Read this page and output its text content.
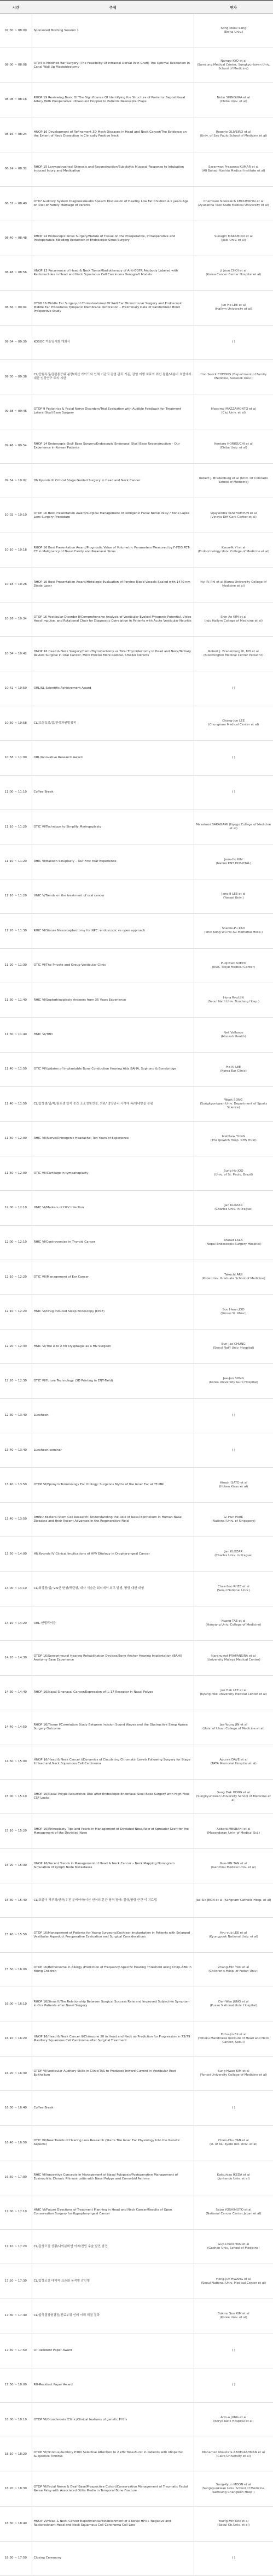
시간	주제	연자
07:30 ~ 08:00	Sponsored Morning Session 1	Song Mook Sang
(Ewha Univ.)
08:00 ~ 08:08	OT04 Is Modified Bar Surgery (The Feasibility Of Intraoral Dorsal Vein Graft) The Optimal Resolution In Canal Wall Up Mastoidectomy	Nampo KYO et al
(Samsung Medical Center, Sungkyunkwan Univ. School of Medicine)
08:08 ~ 08:16	RHOP 19 Reviewing Basic Of The Significance Of Identifying the Structure of Posterior Septal Nasal Artery With Preoperative Ultrasound Doppler to Patients Nasoseptal Flaps	Nobu SHINOURA et al
(Chiba Univ. et al)
08:16 ~ 08:24	HNOP 16 Development of Refinement 3D Mesh Diseases in Head and Neck Cancer/The Evidence on the Extent of Neck Dissection in Clinically Positive Neck	Rogerio OLIVEIRO et al
(Univ. of Sao Paulo School of Medicine et al)
08:24 ~ 08:32	RHOP 15 Laryngotracheal Stenosis and Reconstruction/Subglottic Mucosal Response to Intubation Induced Injury and Medication	Saranwan Prasanna KUMAR et al
(All Bahadi Kashta Madical Institute et al)
08:32 ~ 08:40	OT07 Auditory System Diagnosis/Audio Speech Discussion of Healthy Low Fat Children 4-1 years Age on Diet of Family Marriage of Parents	Chemkarn Nooksaich KHOUMKHAI et al
(Ayucanna Taxk State Medical University et al)
08:40 ~ 08:48	RHOP 14 Endoscopic Sinus Surgery/Nature of Tissue on the Preoperative, Intraoperative and Postoperative Bleeding Reduction in Endoscopic Sinus Surgery	Sunagiri MAKAMORI et al
(Jikei Univ. et al)
08:48 ~ 08:56	HNOP 13 Recurrence of Head & Neck Tumor/Radiotherapy of Anti-EGFR Antibody Labeled with Radionuclides in Head and Neck Squamous Cell Carcinoma Xenograft Models	Ji Joon CHOI et al
(Korea Cancer Center Hospital et al)
08:56 ~ 09:04	OT08 16 Middle Ear Surgery of Cholesteatoma/ Of Well Ear Microcircular Surgery and Endoscopic Middle Ear Procedures Tympanic Membrane Perforation – Preliminary Data of Randomized Blind Prospective Study	Jun Ho LEE et al
(Hallym University et al)
09:04 ~ 09:30	KOSOC 겨울임시회 개최식	( )
09:30 ~ 09:38	CL/간헐특징/갑판통증위 분량/최신 가이드와 인체 기관의 감염 관리 기준, 감염 이행 치료의 최신 통합/내분비 요법에서 대한 임상연구 토의 시한	Hoo Seock CHEONG (Department of Family Medicine, Sookook Univ.)
09:38 ~ 09:46	OTOP 9 Pediatrics & Facial Nerve Disorders/Trial Evaluation with Audible Feedback for Treatment Lateral Skull Base Surgery	Massimo MAZZAMONTO et al
(Cluj Univ. et al)
09:46 ~ 09:54	RHOP 14 Endoscopic Skull Base Surgery/Endoscopic Endonasal Skull Base Reconstruction – Our Experience in Korean Patients	Kentaro HORIGUCHI et al
(Chiba Univ. et al)
09:54 ~ 10:02	HN Kyunde III Critical Stage Guided Surgery in Head and Neck Cancer	Robert J. Bradenburg et al (Univ. Of Colorado School of Medicine)
10:02 ~ 10:10	OTOP 16 Best Presentation Award/Surgical Management of Iatrogenic Facial Nerve Palsy / Bone Lapse Lens Surgery Procedure	Vijaywintra KOWHAMPUN et al
(Vinaya Diff Care Center et al)
10:10 ~ 10:18	RHOP 16 Best Presentation Award/Prognostic Value of Volumetric Parameters Measured by F-FDG PET-CT in Malignancy of Nasal Cavity and Paranasal Sinus	Kwun-Ik YI et al
(Endocrinology Univ. College of Medicine et al)
10:18 ~ 10:26	RHOP 16 Best Presentation Award/Histologic Evaluation of Porcine Blood Vessels Sealed with 1470-nm Diode Laser	Nyi-Ri Rhl et al (Korea University College of Medicine et al)
10:26 ~ 10:34	OTOP 16 Vestibular Disorder II/Comprehensive Analysis of Vestibular Evoked Myogenic Potential, Video Head Impulse, and Rotational Chair for Diagnostic Correlation in Patients with Acute Vestibular Neuritis	Shin-Ae KIM et al
(Jeju Hallym College of Medicine et al)
10:34 ~ 10:42	HNOP 16 Head & Neck Surgery/Hemi-Thyroidectomy vs Total Thyroidectomy in Head and Neck/Tertiary Review Surgical in Oral Cancer, More Precise More Radical, Smaller Defects	Robert J. Bradenburg III, MD et al
(Bloomington Medical Center Pediatric)
10:42 ~ 10:50	ORL/SL-Scientific Achievement Award	( )
10:50 ~ 10:58	CL/보험특보/갑/만성과원벌칭적	Chang-Jun LEE
(Chungnam Medical Center et al)
10:58 ~ 11:00	ORL/Innovative Research Award	( )
11:00 ~ 11:10	Coffee Break	( )
11:10 ~ 11:20	OTIC VI/Technique to Simplify Myringoplasty	Masafumi SAKAGAMI (Hyogo College of Medicine et al)
11:10 ~ 11:20	RHIC VI/Balloon Sinuplasty – Our First Year Experience	Joon-Ho KIM
(Nanno ENT HOSPITAL)
11:10 ~ 11:20	HNIC V/Trends on the treatment of oral cancer	Jang-II LEE et al
(Yonsei Univ.)
11:20 ~ 11:30	RHIC VI/Sinuse Nasoscaphectomy for NPC: endoscopic vs open approach	Sherrie-Pu KAO
(Shin Kong Wu Ho-Su Memorial Hosp.)
11:20 ~ 11:30	OTIC VI/The Private and Group Vestibular Clinic	Pudjiwati SOEPO
(RSIC Tokyo Medical Center)
11:30 ~ 11:40	RHIC VI/Septorhinoplasty Answers from 35 Years Experience	Hona Ryul JIN
(Seoul Nat'l Univ. Bundang Hosp.)
11:30 ~ 11:40	HNIC VI/TBD	Neil Vallance
(Monash Health)
11:40 ~ 11:50	OTIC VI/Updates of Implantable Bone Conduction Hearing Aids BAHA, Sophono & Bonebridge	Ho-Ki LEE
(Korea Ear Clinic)
11:40 ~ 11:50	CL/갑상샘/입/목/림프샘 인지 중간 조조영및연결, 의료/ 영양관리 사가에 측/하네양을 장평	Wook SONG
(Sungkyunkwan Univ. Department of Sports Science)
11:50 ~ 12:00	RHIC VII/Nerve/Rhinogenic Headache; Ten Years of Experience	Matthew YUNG
(The Ipswich Hosp. NHS Trust)
11:50 ~ 12:00	OTIC VII/Cartilage in tympanoplasty	Sung Ho JOO
(Univ. of St. Paulo, Brazil)
12:00 ~ 12:10	HNIC VI/Markers of HPV Infection	Jan KLOZAR
(Charles Univ. in Prague)
12:00 ~ 12:10	RHIC VI/Controversies in Thyroid Cancer	Murad LALA
(Nepal Endoscopic Surgery Hospital)
12:10 ~ 12:20	OTIC VII/Management of Ear Cancer	Takuchi ARII
(Kobe Univ. Graduate School of Medicine)
12:10 ~ 12:20	HNIC VI/Drug Induced Sleep Endoscopy (DISE)	Soo Hwan JOO
(Yonsei St. Mosc)
12:20 ~ 12:30	HNIC VI/The A to Z for Dysphagia as a HN Surgeon	Eun-Jae CHUNG
(Seoul Nat'l Univ. Hospital)
12:20 ~ 12:30	OTIC VI/Future Technology (3D Printing in ENT-Field)	Jae-Jun SONG
(Korea University Guro Hospital)
12:30 ~ 13:40	Luncheon	( )
13:40 ~ 13:40	Luncheon seminar	( )
13:40 ~ 13:50	OTOP VI/Eponym Terminology For Otology: Surgeons Myths of the Inner Ear at TT-MRI	Hiroshi SATO et al
(Hoken Kizyo et al)
13:40 ~ 13:50	RHINO Bilateral Stem Cell Research: Understanding the Role of Nasal Epithelium in Human Nasal Diseases and their Recent Advances in the Regenerative Field	Gi Hun PARK
(National Univ. of Singapore)
13:50 ~ 14:00	HN Kyunde IV Clinical Implications of HPV Etiology in Oropharyngeal Cancer	Jan KLOZAR
(Charles Univ. in Prague)
14:00 ~ 14:10	CL/최상장/입/ VIS연 변형/팩린형, 대사 식습관 회의에서 최고 발생, 방향 대한 대형	Chae-Seo RHEE et al
(Seoul National Univ.)
14:10 ~ 14:20	ORL-인텔리서급	Kuang TAE et al
(Hanyang Univ. College of Medicine)
14:20 ~ 14:30	OTOP 16/Sensorineural Hearing Rehabilitation Devices/Bone Anchor Hearing Implantation (BAHI) Anatomy Base Experience	Naranuwat PRAPANSIRA et al
(University Malaya Medical Center)
14:30 ~ 14:40	RHOP 16/Nasal Sinonasal Cancer/Expression of IL-17 Receptor in Nasal Polyps	Jae Hak LEE et al
(Kyung Hee University Medical Center et al)
14:40 ~ 14:50	RHOP 16/Tissue I/Correlation Study Between Incision Sound Waves and the Obstructive Sleep Apnea Surgery Outcome	Jae-Young JIN et al
(Univ. of Ulsan College of Medicine et al)
14:50 ~ 15:00	HNOP 16/Head & Neck Cancer I/Dynamics of Circulating Chromatin Levels Following Surgery for Stage II Head and Neck Squamous Cell Carcinoma	Apurva DAVE et al
(TATA Memorial Hospital et al)
15:00 ~ 15:10	RHOP 16/Nasal Polyps Recurrence Risk after Endoscopic Endonasal Skull Base Surgery with High Flow CSF Leaks	Sang Duk HONG et al
(Sungkyunkwan University School of Medicine et al)
15:10 ~ 15:20	RHOP 16/Rhinoplasty Tips and Pearls in Management of Deviated Nose/Role of Spreader Graft for the Management of the Deviated Nose	Abbara MESBAHI et al
(Mazandaran Univ. of Medical Sci.)
15:20 ~ 15:30	HNOP 16/Recent Trends in Management of Head & Neck Cancer – Neck Mapping Nomogram Simulation of Lymph Node Metastases	Guo-XIN TAN et al
(Ganzhou Medical Univ. et al)
15:30 ~ 15:40	CL/코골이 해부학/반하/우진 분비아파/시선 언어의 분관 영역 장애: 불규/방향 근간 이 치료법	Jae-Sik JEON et al (Kangnam Catholic Hosp. et al)
15:40 ~ 15:50	OTOP 16/Management of Patients for Young Surgeons/Cochlear Implantation in Patients with Enlarged Vestibular Aqueduct Preoperative Evaluation and Surgical Considerations	Kyu-yub LEE et al
(Kyungpook National Univ. et al)
15:50 ~ 16:00	OTOP 16/Bothersome in Allergy /Prediction of Frequency-Specific Hearing Threshold using Chirp-ABR in Young Children	Zhang-Min YAO et al
(Children's Hosp. of Fudan Univ.)
16:00 ~ 16:10	RHOP 16/Sinus II/The Relationship Between Surgical Success Rate and Improved Subjective Symptom in Oca Patients after Nasal Surgery	Dan-Won JUNG et al
(Pusan National Univ. Hospital)
16:10 ~ 16:20	HNOP 16/Head & Neck Cancer II/Chirozone 20 in Head and Neck as Prediction for Progression in 73/79 Maxillary Squamous Cell Carcinoma after Surgical Treatment	Dzhu-Jin Bil et al
(Tohoku Mandinese Institute of Head and Neck Cancer, Seoul)
16:20 ~ 16:30	OTOP VI/Vestibular Auditory Skills in Clinic/TAS to Produced Inward Current in Vestibular Root Epithelium	Sung Hwan KIM et al
(Yonsei University College of Medicine et al)
16:30 ~ 16:40	Coffee Break	( )
16:40 ~ 16:50	OTIC VII/New Trends of Hearing Loss Research (Starts The Inner Ear Physiology Into the Genetic Aspects)	Chien-Chu TAN et al
(U. of AL, Kyoto Ind. Univ. et al)
16:50 ~ 17:00	RHIC VI/Innovative Concepts in Management of Nasal Polyposis/Postoperative Management of Eosinophilic Chronic Rhinosinusitis with Nasal Polyps and Comorbid Asthma	Katsuhisa IKEDA et al
(Juntendo Univ. et al)
17:00 ~ 17:10	HNIC VI/Future Directions of Treatment Planning in Head and Neck Cancer/Results of Open Conservation Surgery for Hypopharyngeal Cancer	Seizo YOSHIMOTO et al
(National Cancer Center Japan et al)
17:10 ~ 17:20	CL/갑상조절 상황/나이분비연 이지/전립 수술 발견 발견	Guy-Cheol HAN et al
(Gachon Univ. School of Medicine)
17:20 ~ 17:30	CL/갑상조절 대약적 표준화 동적명 감인형	Hong-Jun HWANG et al
(Seoul National Univ. Medical Center et al)
17:30 ~ 17:40	CL/입국결장형결정/진료부위 인쇄 이해 해결 결과	Bokmo Son KIM et al
(Korea Univ. et al)
17:40 ~ 17:50	OT-Resident Paper Award	( )
17:50 ~ 18:00	RH-Resident Paper Award	( )
18:00 ~ 18:10	OTOP VI/Otosclerosis /Clinic/Clinical features of genetic PHHs	Arm-a JUNG et al
(Koryo Nat'l Hospital et al)
18:10 ~ 18:20	OTOP VI/Tinnitus/Auditory P300 Selective Attention to 2 kHz Tone-Burst in Patients with Idiopathic Subjective Tinnitus	Mohamed Moustafa ABDELRAHMAN et al
(Cairo University et al)
18:20 ~ 18:30	OTOP VI/Facial Nerve & Deaf Base/Prospective Cohort/Conservative Management of Traumatic Facial Nerve Palsy with Associated Otitis Media in Temporal Bone Fracture	Sung-Kyun MOON et al
(Sungkyunkwan Univ. School of Medicine, Samsung Changwon Hosp.)
18:30 ~ 18:40	HNOP VI/Head & Neck Cancer Experimental/Establishment of a Novel HPV+ Negative and Radioresistant Head and Neck Squamous Cell Carcinoma Cell Line	Young-Min KIM et al
(Seoul Ch.Univ. et al)
18:30 ~ 17:50	Closing Ceremony	( )
